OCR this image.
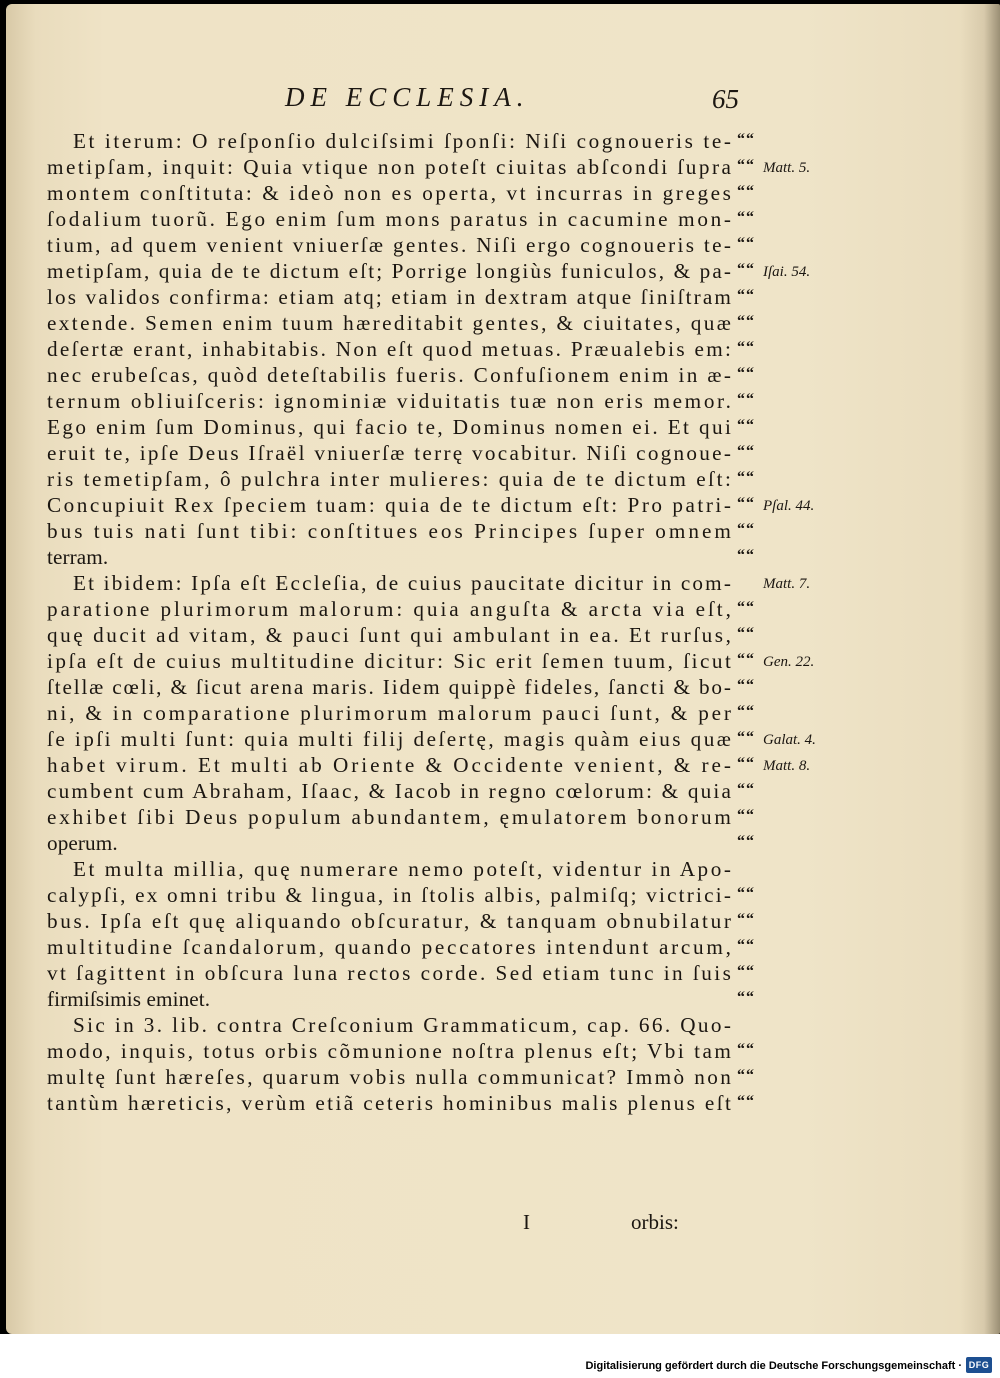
DE ECCLESIA.	65
Et iterum: O reſponſio dulciſsimi ſponſi: Niſi cognoueris te-
metipſam, inquit: Quia vtique non poteſt ciuitas abſcondi ſupra
montem conſtituta: & ideò non es operta, vt incurras in greges
ſodalium tuorũ. Ego enim ſum mons paratus in cacumine mon-
tium, ad quem venient vniuerſæ gentes. Niſi ergo cognoueris te-
metipſam, quia de te dictum eſt; Porrige longiùs funiculos, & pa-
los validos confirma: etiam atq; etiam in dextram atque ſiniſtram
extende. Semen enim tuum hæreditabit gentes, & ciuitates, quæ
deſertæ erant, inhabitabis. Non eſt quod metuas. Præualebis em:
nec erubeſcas, quòd deteſtabilis fueris. Confuſionem enim in æ-
ternum obliuiſceris: ignominiæ viduitatis tuæ non eris memor.
Ego enim ſum Dominus, qui facio te, Dominus nomen ei. Et qui
eruit te, ipſe Deus Iſraël vniuerſæ terrę vocabitur. Niſi cognoue-
ris temetipſam, ô pulchra inter mulieres: quia de te dictum eſt:
Concupiuit Rex ſpeciem tuam: quia de te dictum eſt: Pro patri-
bus tuis nati ſunt tibi: conſtitues eos Principes ſuper omnem
terram.
Et ibidem: Ipſa eſt Eccleſia, de cuius paucitate dicitur in com-
paratione plurimorum malorum: quia anguſta & arcta via eſt,
quę ducit ad vitam, & pauci ſunt qui ambulant in ea. Et rurſus,
ipſa eſt de cuius multitudine dicitur: Sic erit ſemen tuum, ſicut
ſtellæ cœli, & ſicut arena maris. Iidem quippè fideles, ſancti & bo-
ni, & in comparatione plurimorum malorum pauci ſunt, & per
ſe ipſi multi ſunt: quia multi filij deſertę, magis quàm eius quæ
habet virum. Et multi ab Oriente & Occidente venient, & re-
cumbent cum Abraham, Iſaac, & Iacob in regno cœlorum: & quia
exhibet ſibi Deus populum abundantem, ęmulatorem bonorum
operum.
Et multa millia, quę numerare nemo poteſt, videntur in Apo-
calypſi, ex omni tribu & lingua, in ſtolis albis, palmiſq; victrici-
bus. Ipſa eſt quę aliquando obſcuratur, & tanquam obnubilatur
multitudine ſcandalorum, quando peccatores intendunt arcum,
vt ſagittent in obſcura luna rectos corde. Sed etiam tunc in ſuis
firmiſsimis eminet.
Sic in 3. lib. contra Creſconium Grammaticum, cap. 66. Quo-
modo, inquis, totus orbis cõmunione noſtra plenus eſt; Vbi tam
multę ſunt hæreſes, quarum vobis nulla communicat? Immò non
tantùm hæreticis, verùm etiã ceteris hominibus malis plenus eſt
““
““
““
““
““
““
““
““
““
““
““
““
““
““
““
““
““
““
““
““
““
““
““
““
““
““
““
““
““
““
““
““
““
““
““
Matt. 5.
Iſai. 54.
Pſal. 44.
Matt. 7.
Gen. 22.
Galat. 4.
Matt. 8.
I	orbis:
Digitalisierung gefördert durch die Deutsche Forschungsgemeinschaft · DFG
